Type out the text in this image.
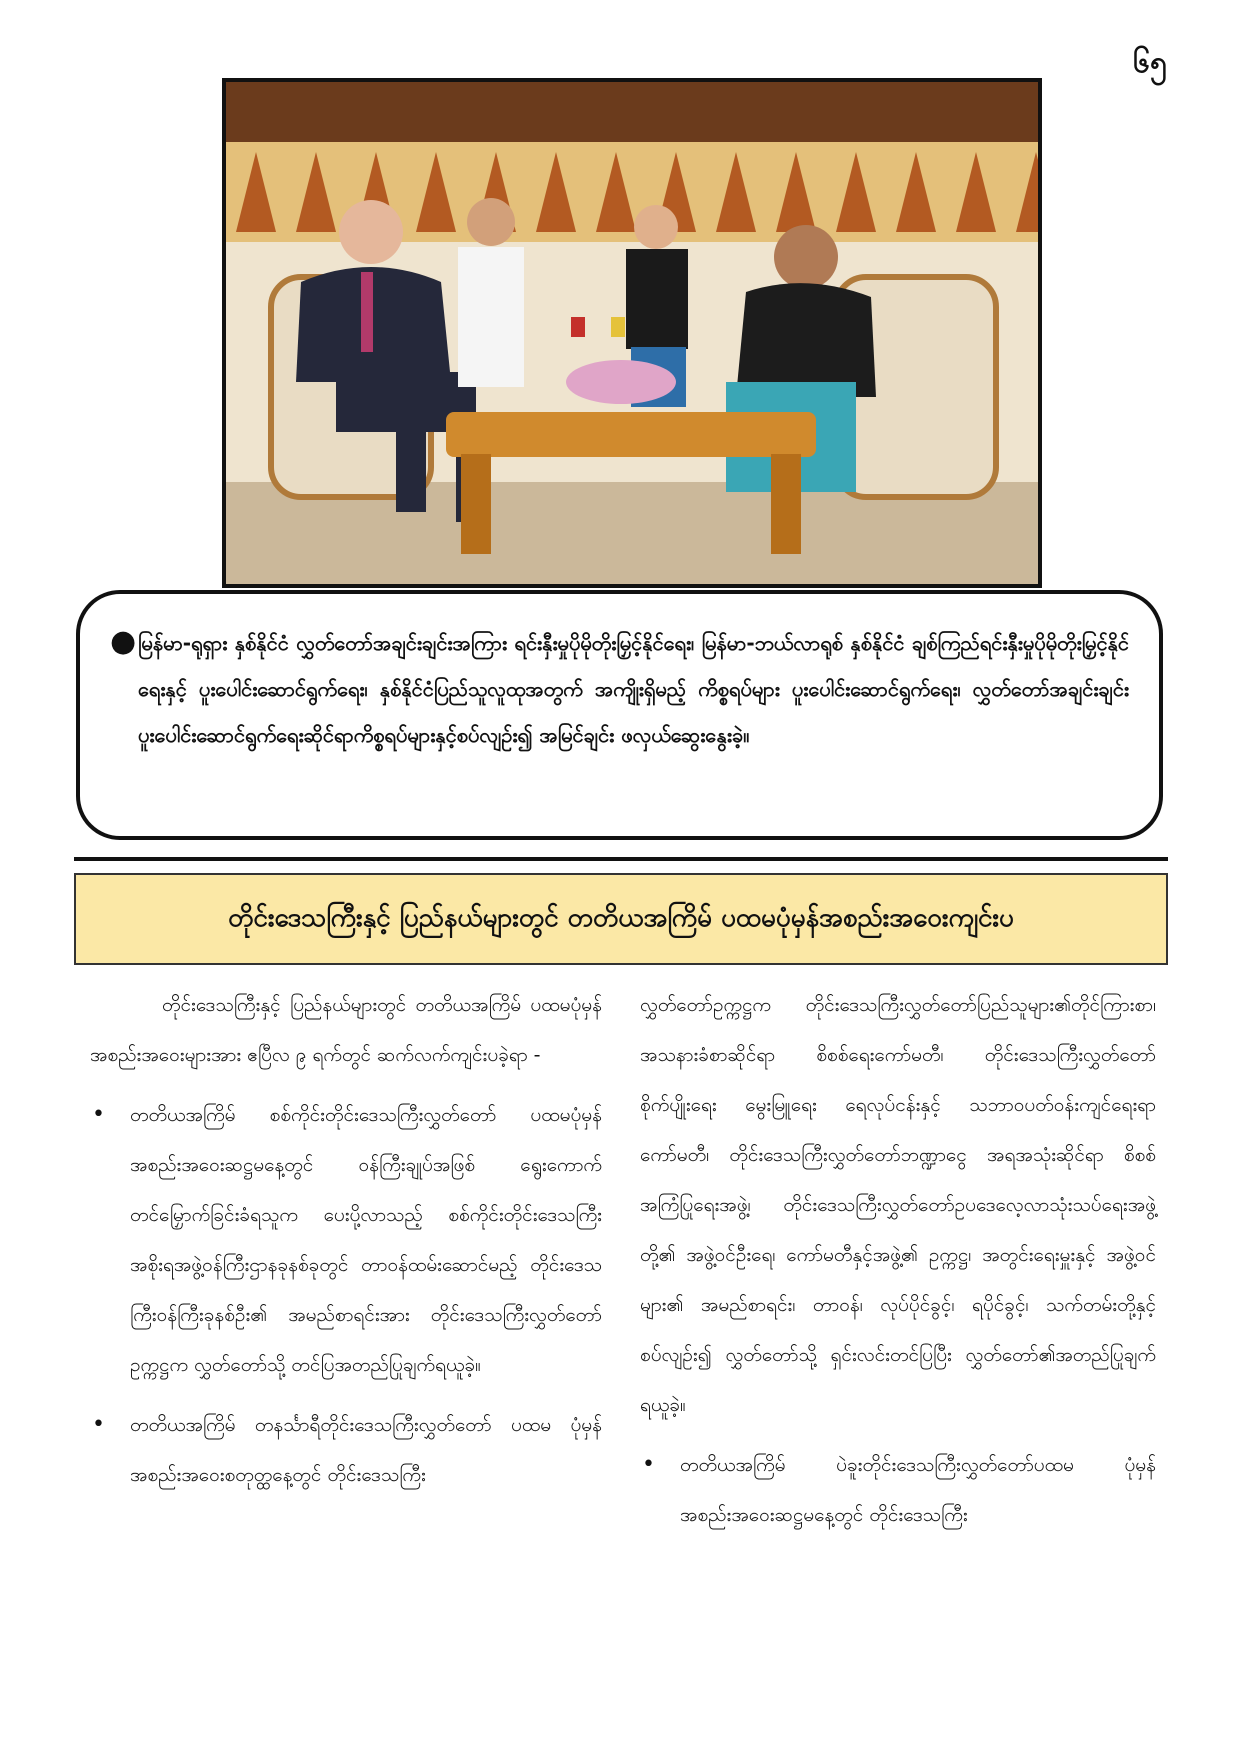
၆၅
● မြန်မာ-ရုရှား နှစ်နိုင်ငံ လွှတ်တော်အချင်းချင်းအကြား ရင်းနှီးမှုပိုမိုတိုးမြှင့်နိုင်ရေး၊ မြန်မာ-ဘယ်လာရုစ် နှစ်နိုင်ငံ ချစ်ကြည်ရင်းနှီးမှုပိုမိုတိုးမြှင့်နိုင်ရေးနှင့် ပူးပေါင်းဆောင်ရွက်ရေး၊ နှစ်နိုင်ငံပြည်သူလူထုအတွက် အကျိုးရှိမည့် ကိစ္စရပ်များ ပူးပေါင်းဆောင်ရွက်ရေး၊ လွှတ်တော်အချင်းချင်း ပူးပေါင်းဆောင်ရွက်ရေးဆိုင်ရာကိစ္စရပ်များနှင့်စပ်လျဉ်း၍ အမြင်ချင်း ဖလှယ်ဆွေးနွေးခဲ့။
တိုင်းဒေသကြီးနှင့် ပြည်နယ်များတွင် တတိယအကြိမ် ပထမပုံမှန်အစည်းအဝေးကျင်းပ

တိုင်းဒေသကြီးနှင့် ပြည်နယ်များတွင် တတိယအကြိမ် ပထမပုံမှန်အစည်းအဝေးများအား ဧပြီလ ၉ ရက်တွင် ဆက်လက်ကျင်းပခဲ့ရာ -

• တတိယအကြိမ် စစ်ကိုင်းတိုင်းဒေသကြီးလွှတ်တော် ပထမပုံမှန်အစည်းအဝေးဆဋ္ဌမနေ့တွင် ဝန်ကြီးချုပ်အဖြစ် ရွေးကောက်တင်မြှောက်ခြင်းခံရသူက ပေးပို့လာသည့် စစ်ကိုင်းတိုင်းဒေသကြီး အစိုးရအဖွဲ့ဝန်ကြီးဌာနခုနစ်ခုတွင် တာဝန်ထမ်းဆောင်မည့် တိုင်းဒေသကြီးဝန်ကြီးခုနစ်ဦး၏ အမည်စာရင်းအား တိုင်းဒေသကြီးလွှတ်တော်ဥက္ကဋ္ဌက လွှတ်တော်သို့ တင်ပြအတည်ပြုချက်ရယူခဲ့။
• တတိယအကြိမ် တနင်္သာရီတိုင်းဒေသကြီးလွှတ်တော် ပထမ ပုံမှန်အစည်းအဝေးစတုတ္ထနေ့တွင် တိုင်းဒေသကြီး

လွှတ်တော်ဥက္ကဋ္ဌက တိုင်းဒေသကြီးလွှတ်တော်ပြည်သူများ၏တိုင်ကြားစာ၊ အသနားခံစာဆိုင်ရာ စိစစ်ရေးကော်မတီ၊ တိုင်းဒေသကြီးလွှတ်တော် စိုက်ပျိုးရေး မွေးမြူရေး ရေလုပ်ငန်းနှင့် သဘာဝပတ်ဝန်းကျင်ရေးရာကော်မတီ၊ တိုင်းဒေသကြီးလွှတ်တော်ဘဏ္ဍာငွေ အရအသုံးဆိုင်ရာ စိစစ်အကြံပြုရေးအဖွဲ့၊ တိုင်းဒေသကြီးလွှတ်တော်ဥပဒေလေ့လာသုံးသပ်ရေးအဖွဲ့တို့၏ အဖွဲ့ဝင်ဦးရေ၊ ကော်မတီနှင့်အဖွဲ့၏ ဥက္ကဋ္ဌ၊ အတွင်းရေးမှူးနှင့် အဖွဲ့ဝင်များ၏ အမည်စာရင်း၊ တာဝန်၊ လုပ်ပိုင်ခွင့်၊ ရပိုင်ခွင့်၊ သက်တမ်းတို့နှင့်စပ်လျဉ်း၍ လွှတ်တော်သို့ ရှင်းလင်းတင်ပြပြီး လွှတ်တော်၏အတည်ပြုချက်ရယူခဲ့။

• တတိယအကြိမ် ပဲခူးတိုင်းဒေသကြီးလွှတ်တော်ပထမ ပုံမှန်အစည်းအဝေးဆဋ္ဌမနေ့တွင် တိုင်းဒေသကြီး
